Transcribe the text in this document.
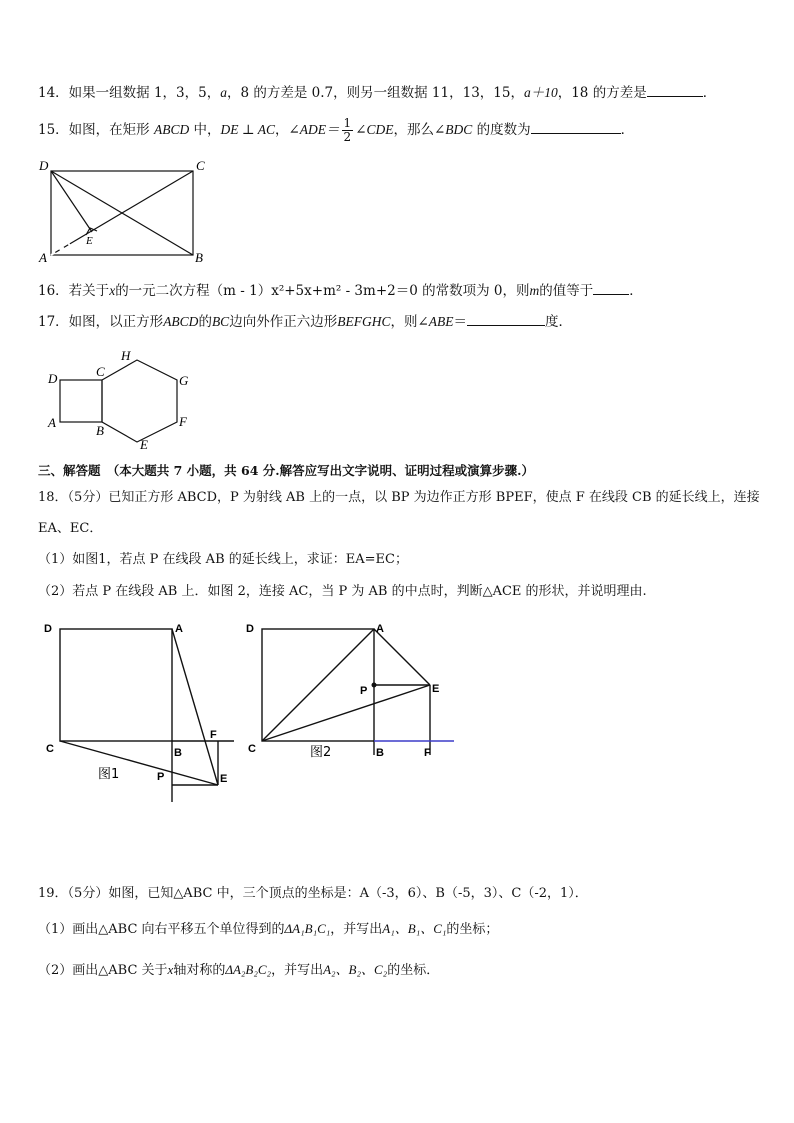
14．如果一组数据 1，3，5，a，8 的方差是 0.7，则另一组数据 11，13，15，a＋10，18 的方差是	．
15．如图，在矩形 ABCD 中，DE ⊥ AC，∠ADE＝ $\frac{1}{2}$ ∠CDE，那么∠BDC 的度数为	．
D	C
A	B
E
16．若关于x的一元二次方程（m - 1）x²+5x+m² - 3m+2＝0 的常数项为 0，则m的值等于	．
17．如图，以正方形ABCD的BC边向外作正六边形BEFGHC，则∠ABE＝	度．
D	C
A
B
H
G
F
E
三、解答题　（本大题共 7 小题，共 64 分.解答应写出文字说明、证明过程或演算步骤.）
18．（5分）已知正方形 ABCD，P 为射线 AB 上的一点，以 BP 为边作正方形 BPEF，使点 F 在线段 CB 的延长线上，连接
EA、EC．
（1）如图1，若点 P 在线段 AB 的延长线上，求证：EA=EC；
（2）若点 P 在线段 AB 上．如图 2，连接 AC，当 P 为 AB 的中点时，判断△ACE 的形状，并说明理由.
D	A
C	B
F
P	E
图1
D	A
P	E
C	B	F
图2
19．（5分）如图，已知△ABC 中，三个顶点的坐标是：A（-3，6）、B（-5，3）、C（-2，1）．
（1）画出△ABC 向右平移五个单位得到的ΔA₁B₁C₁，并写出A₁、B₁、C₁的坐标；
（2）画出△ABC 关于x轴对称的ΔA₂B₂C₂，并写出A₂、B₂、C₂的坐标．
